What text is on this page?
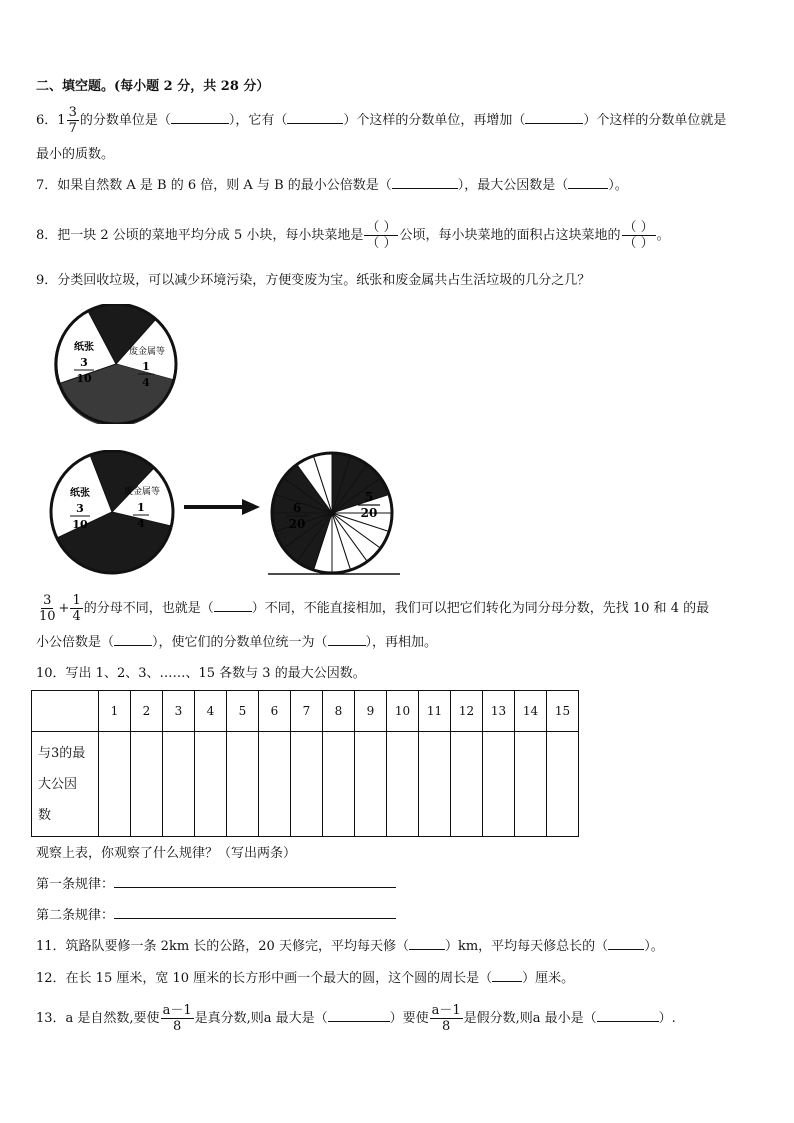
二、填空题。(每小题 2 分，共 28 分）
6．$1 \frac{3}{7}$ 的分数单位是（	），它有（	）个这样的分数单位，再增加（	）个这样的分数单位就是
最小的质数。
7．如果自然数 A 是 B 的 6 倍，则 A 与 B 的最小公倍数是（	），最大公因数是（	）。
8．把一块 2 公顷的菜地平均分成 5 小块，每小块菜地是 $\frac{( )}{( )}$ 公顷，每小块菜地的面积占这块菜地的 $\frac{( )}{( )}$ 。
9．分类回收垃圾，可以减少环境污染，方便变废为宝。纸张和废金属共占生活垃圾的几分之几？
纸张
3
10
废金属等
1
4
纸张
3
10
废金属等
1
4
6
20
5
20
$\frac{3}{10} + \frac{1}{4}$ 的分母不同，也就是（	）不同，不能直接相加，我们可以把它们转化为同分母分数，先找 10 和 4 的最
小公倍数是（	），使它们的分数单位统一为（	），再相加。
10．写出 1、2、3、……、15 各数与 3 的最大公因数。
	1	2	3	4	5	6	7	8	9	10	11	12	13	14	15

与3的最
大公因
数															

观察上表，你观察了什么规律？（写出两条）
第一条规律：
第二条规律：
11．筑路队要修一条 2km 长的公路，20 天修完，平均每天修（	）km，平均每天修总长的（	）。
12．在长 15 厘米，宽 10 厘米的长方形中画一个最大的圆，这个圆的周长是（ ）厘米。
13．a 是自然数,要使 $\frac{a-1}{8}$ 是真分数,则a 最大是（	）要使 $\frac{a-1}{8}$ 是假分数,则a 最小是（	）.
